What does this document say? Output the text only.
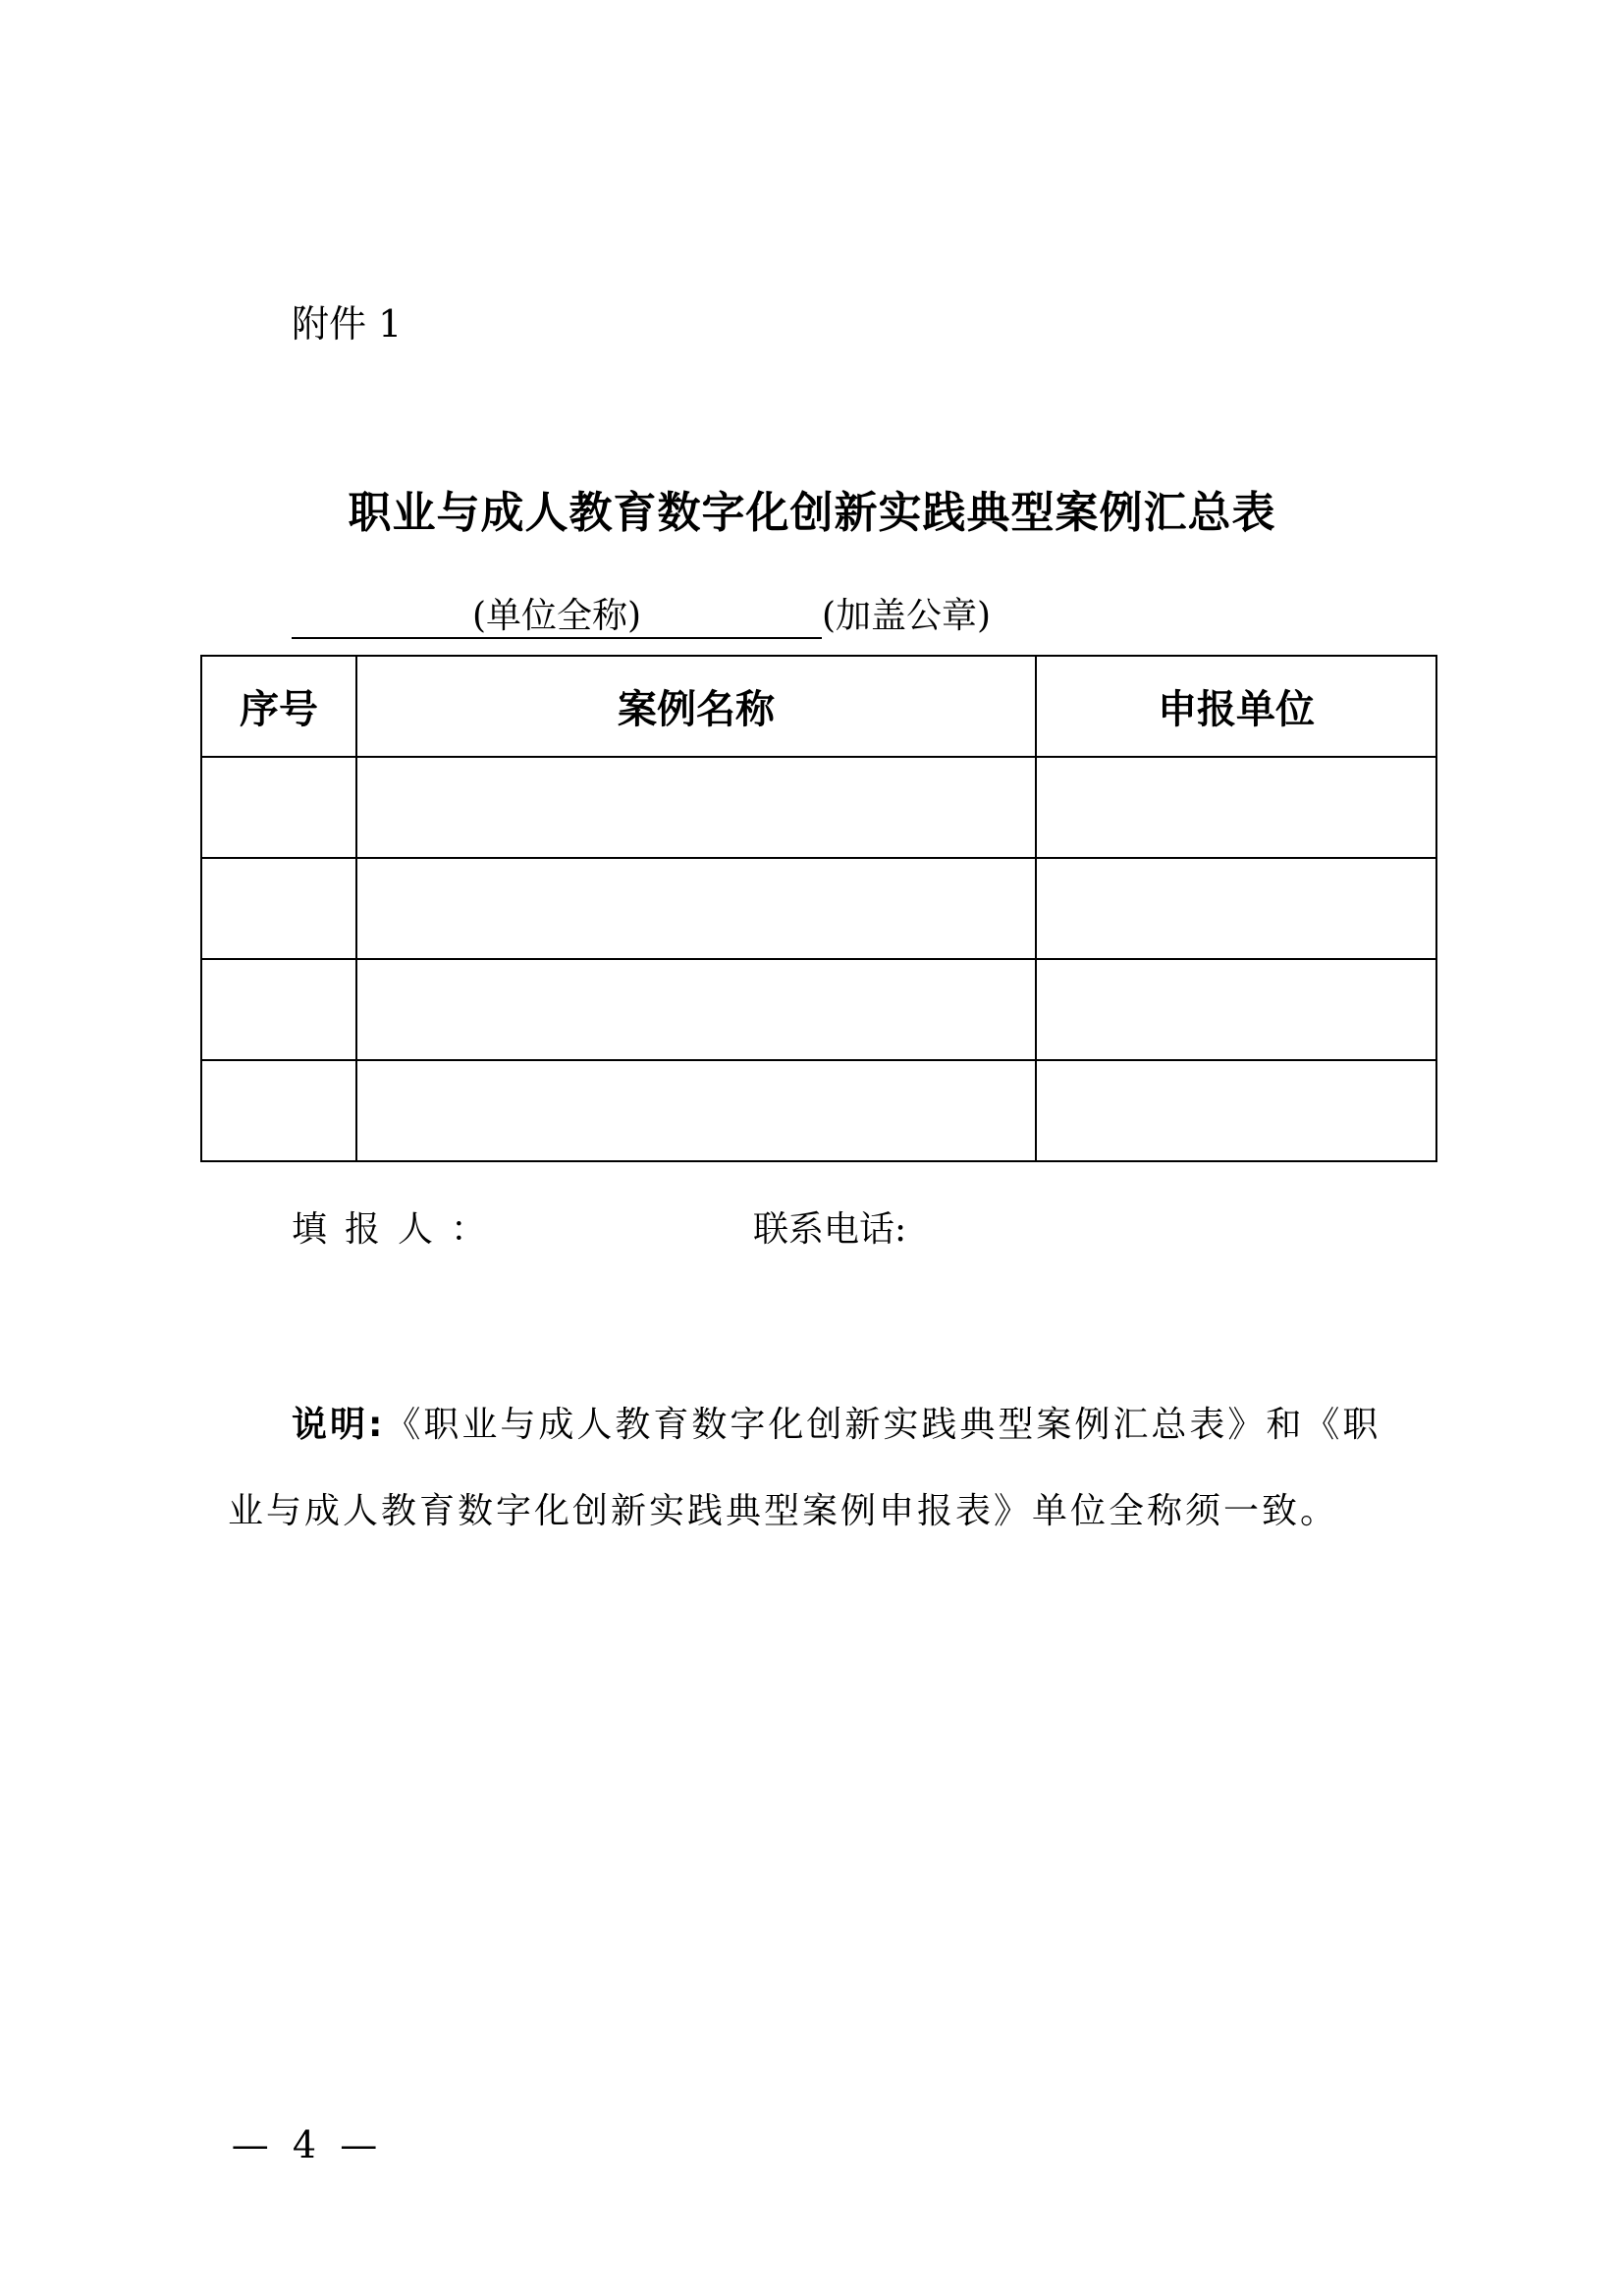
附件 1
职业与成人教育数字化创新实践典型案例汇总表
(单位全称)	(加盖公章)
序号	案例名称	申报单位

填报人：	联系电话:

说明:《职业与成人教育数字化创新实践典型案例汇总表》和《职业与成人教育数字化创新实践典型案例申报表》单位全称须一致。

—  4  —
